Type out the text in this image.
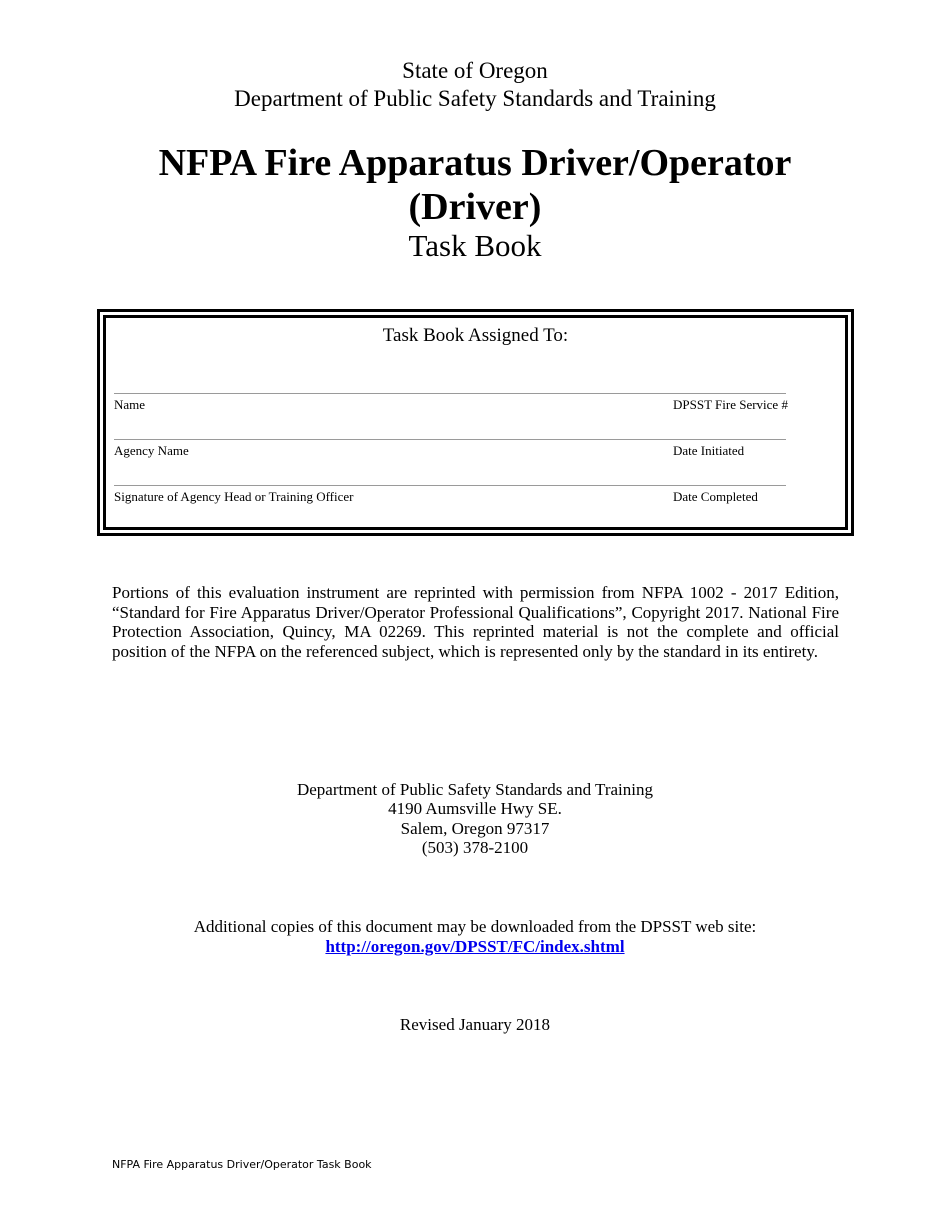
State of Oregon
Department of Public Safety Standards and Training
NFPA Fire Apparatus Driver/Operator
(Driver)
Task Book
Task Book Assigned To:
Name	DPSST Fire Service #
Agency Name	Date Initiated
Signature of Agency Head or Training Officer	Date Completed
Portions of this evaluation instrument are reprinted with permission from NFPA 1002 - 2017 Edition, “Standard for Fire Apparatus Driver/Operator Professional Qualifications”, Copyright 2017. National Fire Protection Association, Quincy, MA 02269. This reprinted material is not the complete and official position of the NFPA on the referenced subject, which is represented only by the standard in its entirety.
Department of Public Safety Standards and Training
4190 Aumsville Hwy SE.
Salem, Oregon 97317
(503) 378-2100
Additional copies of this document may be downloaded from the DPSST web site:
http://oregon.gov/DPSST/FC/index.shtml
Revised January 2018
NFPA Fire Apparatus Driver/Operator Task Book
